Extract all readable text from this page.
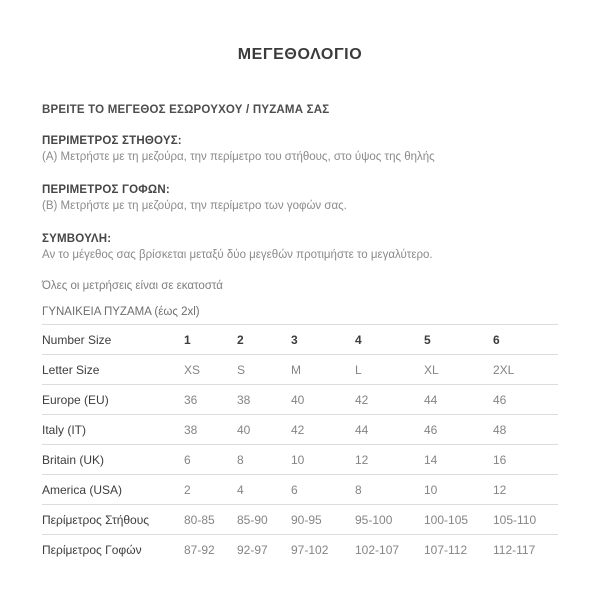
ΜΕΓΕΘΟΛΟΓΙΟ
ΒΡΕΙΤΕ ΤΟ ΜΕΓΕΘΟΣ ΕΣΩΡΟΥΧΟΥ / ΠΥΖΑΜΑ ΣΑΣ
ΠΕΡΙΜΕΤΡΟΣ ΣΤΗΘΟΥΣ:
(Α) Μετρήστε με τη μεζούρα, την περίμετρο του στήθους, στο ύψος της θηλής
ΠΕΡΙΜΕΤΡΟΣ ΓΟΦΩΝ:
(Β) Μετρήστε με τη μεζούρα, την περίμετρο των γοφών σας.
ΣΥΜΒΟΥΛΗ:
Αν το μέγεθος σας βρίσκεται μεταξύ δύο μεγεθών προτιμήστε το μεγαλύτερο.
Όλες οι μετρήσεις είναι σε εκατοστά
ΓΥΝΑΙΚΕΙΑ ΠΥΖΑΜΑ (έως 2xl)
Number Size	1	2	3	4	5	6
Letter Size	XS	S	M	L	XL	2XL
Europe (EU)	36	38	40	42	44	46
Italy (IT)	38	40	42	44	46	48
Britain (UK)	6	8	10	12	14	16
America (USA)	2	4	6	8	10	12
Περίμετρος Στήθους	80-85	85-90	90-95	95-100	100-105	105-110
Περίμετρος Γοφών	87-92	92-97	97-102	102-107	107-112	112-117
